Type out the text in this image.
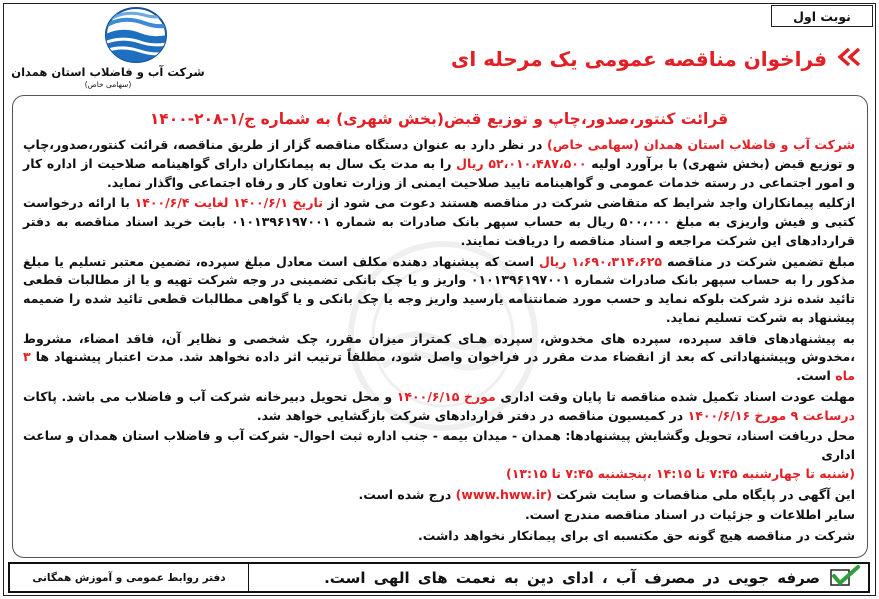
نوبت اول
فراخوان مناقصه عمومی یک مرحله ای
شرکت آب و فاضلاب استان همدان
(سهامی خاص)
قرائت کنتور،صدور،چاپ و توزیع قبض(بخش شهری) به شماره ج/۱-۲۰۸-۱۴۰۰

شرکت آب و فاضلاب استان همدان (سهامی خاص) در نظر دارد به عنوان دستگاه مناقصه گزار از طریق مناقصه، قرائت کنتور،صدور،چاپ و توزیع قبض (بخش شهری) با برآورد اولیه ۵۲،۰۱۰،۴۸۷،۵۰۰ ریال را به مدت یک سال به پیمانکاران دارای گواهینامه صلاحیت از اداره کار و امور اجتماعی در رسته خدمات عمومی و گواهینامه تایید صلاحیت ایمنی از وزارت تعاون کار و رفاه اجتماعی واگذار نماید.

ازکلیه پیمانکاران واجد شرایط که متقاضی شرکت در مناقصه هستند دعوت می شود از تاریخ ۱۴۰۰/۶/۱ لغایت ۱۴۰۰/۶/۴ با ارائه درخواست کتبی و فیش واریزی به مبلغ ۵۰۰،۰۰۰ ریال به حساب سپهر بانک صادرات به شماره ۰۱۰۱۳۹۶۱۹۷۰۰۱ بابت خرید اسناد مناقصه به دفتر قراردادهای این شرکت مراجعه و اسناد مناقصه را دریافت نمایند.

مبلغ تضمین شرکت در مناقصه ۱،۶۹۰،۳۱۴،۶۲۵ ریال است که پیشنهاد دهنده مکلف است معادل مبلغ سپرده، تضمین معتبر تسلیم یا مبلغ مذکور را به حساب سپهر بانک صادرات شماره ۰۱۰۱۳۹۶۱۹۷۰۰۱ واریز و یا چک بانکی تضمینی در وجه شرکت تهیه و یا از مطالبات قطعی تائید شده نزد شرکت بلوکه نماید و حسب مورد ضمانتنامه یارسید واریز وجه یا چک بانکی و یا گواهی مطالبات قطعی تائید شده را ضمیمه پیشنهاد به شرکت تسلیم نماید.

به پیشنهادهای فاقد سپرده، سپرده های مخدوش، سپرده هـای کمتراز میزان مقرر، چک شخصی و نظایر آن، فاقد امضاء، مشروط ،مخدوش وپیشنهاداتی که بعد از انقضاء مدت مقرر در فراخوان واصل شود، مطلقاً ترتیب اثر داده نخواهد شد. مدت اعتبار پیشنهاد ها ۳ ماه است.

مهلت عودت اسناد تکمیل شده مناقصه تا پایان وقت اداری مورخ ۱۴۰۰/۶/۱۵ و محل تحویل دبیرخانه شرکت آب و فاضلاب می باشد. پاکات درساعت ۹ مورخ ۱۴۰۰/۶/۱۶ در کمیسیون مناقصه در دفتر قراردادهای شرکت بازگشایی خواهد شد.

محل دریافت اسناد، تحویل وگشایش پیشنهادها: همدان - میدان بیمه - جنب اداره ثبت احوال- شرکت آب و فاضلاب استان همدان و ساعت اداری
(شنبه تا چهارشنبه ۷:۴۵ تا ۱۴:۱۵ ،پنجشنبه ۷:۴۵ تا ۱۳:۱۵)

این آگهی در پایگاه ملی مناقصات و سایت شرکت (www.hww.ir) درج شده است.

سایر اطلاعات و جزئیات در اسناد مناقصه مندرج است.

شرکت در مناقصه هیچ گونه حق مکتسبه ای برای پیمانکار نخواهد داشت.

صرفه جویی در مصرف آب ، ادای دین به نعمت های الهی است.
دفتر روابط عمومی و آموزش همگانی
